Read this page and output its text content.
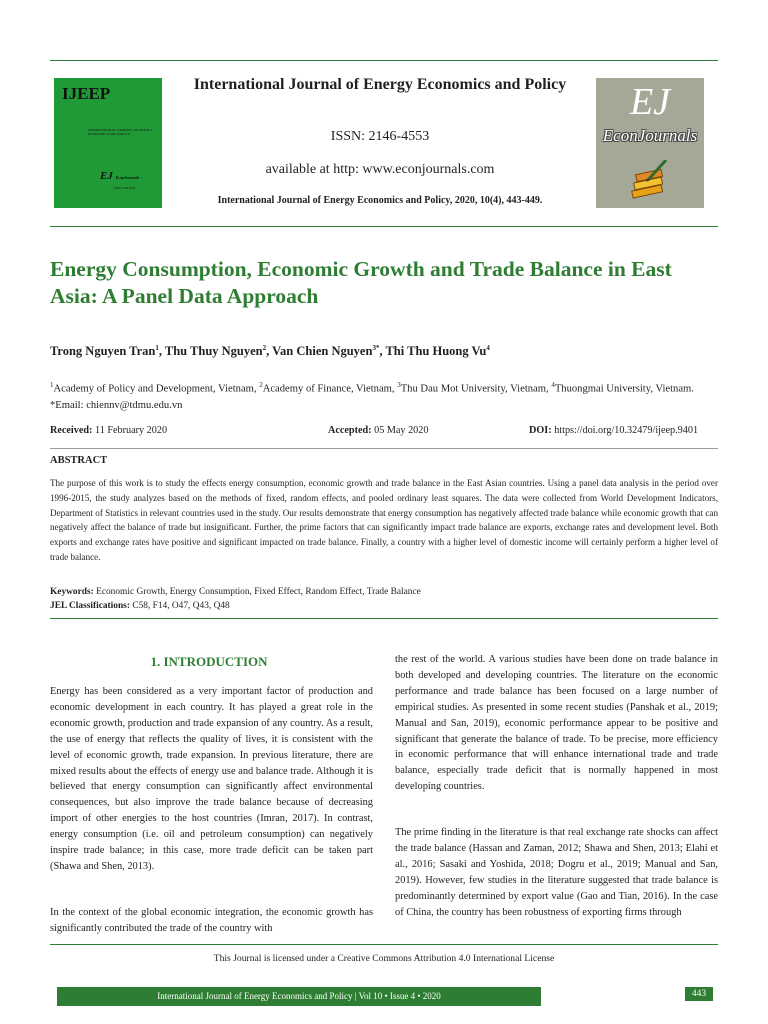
IJEEP
INTERNATIONAL JOURNAL OF ENERGY ECONOMICS AND POLICY
EJ EconJournals
ISSN: 2146-4553
International Journal of Energy Economics and Policy
ISSN: 2146-4553
available at http: www.econjournals.com
International Journal of Energy Economics and Policy, 2020, 10(4), 443-449.
EJ
EconJournals
Energy Consumption, Economic Growth and Trade Balance in East Asia: A Panel Data Approach
Trong Nguyen Tran$^1$, Thu Thuy Nguyen$^2$, Van Chien Nguyen$^{3*}$, Thi Thu Huong Vu$^4$
$^1$Academy of Policy and Development, Vietnam, $^2$Academy of Finance, Vietnam, $^3$Thu Dau Mot University, Vietnam, $^4$Thuongmai University, Vietnam. *Email: chiennv@tdmu.edu.vn
Received: 11 February 2020	Accepted: 05 May 2020	DOI: https://doi.org/10.32479/ijeep.9401
ABSTRACT
The purpose of this work is to study the effects energy consumption, economic growth and trade balance in the East Asian countries. Using a panel data analysis in the period over 1996-2015, the study analyzes based on the methods of fixed, random effects, and pooled ordinary least squares. The data were collected from World Development Indicators, Department of Statistics in relevant countries used in the study. Our results demonstrate that energy consumption has negatively affected trade balance while economic growth that can negatively affect the balance of trade but insignificant. Further, the prime factors that can significantly impact trade balance are exports, exchange rates and development level. Both exports and exchange rates have positive and significant impacted on trade balance. Finally, a country with a higher level of domestic income will certainly perform a higher level of trade balance.
Keywords: Economic Growth, Energy Consumption, Fixed Effect, Random Effect, Trade Balance
JEL Classifications: C58, F14, O47, Q43, Q48
1. INTRODUCTION
Energy has been considered as a very important factor of production and economic development in each country. It has played a great role in the economic growth, production and trade expansion of any country. As a result, the use of energy that reflects the quality of lives, it is consistent with the level of economic growth, trade expansion. In previous literature, there are mixed results about the effects of energy use and balance trade. Although it is believed that energy consumption can significantly affect environmental consequences, but also improve the trade balance because of decreasing import of other energies to the host countries (Imran, 2017). In contrast, energy consumption (i.e. oil and petroleum consumption) can negatively inspire trade balance; in this case, more trade deficit can be taken part (Shawa and Shen, 2013).
In the context of the global economic integration, the economic growth has significantly contributed the trade of the country with
the rest of the world. A various studies have been done on trade balance in both developed and developing countries. The literature on the economic performance and trade balance has been focused on a large number of empirical studies. As presented in some recent studies (Panshak et al., 2019; Manual and San, 2019), economic performance appear to be positive and significant that generate the balance of trade. To be precise, more efficiency in economic performance that will enhance international trade and trade balance, especially trade deficit that is normally happened in most developing countries.
The prime finding in the literature is that real exchange rate shocks can affect the trade balance (Hassan and Zaman, 2012; Shawa and Shen, 2013; Elahi et al., 2016; Sasaki and Yoshida, 2018; Dogru et al., 2019; Manual and San, 2019). However, few studies in the literature suggested that trade balance is predominantly determined by export value (Gao and Tian, 2016). In the case of China, the country has been robustness of exporting firms through
This Journal is licensed under a Creative Commons Attribution 4.0 International License
International Journal of Energy Economics and Policy | Vol 10 • Issue 4 • 2020	443
